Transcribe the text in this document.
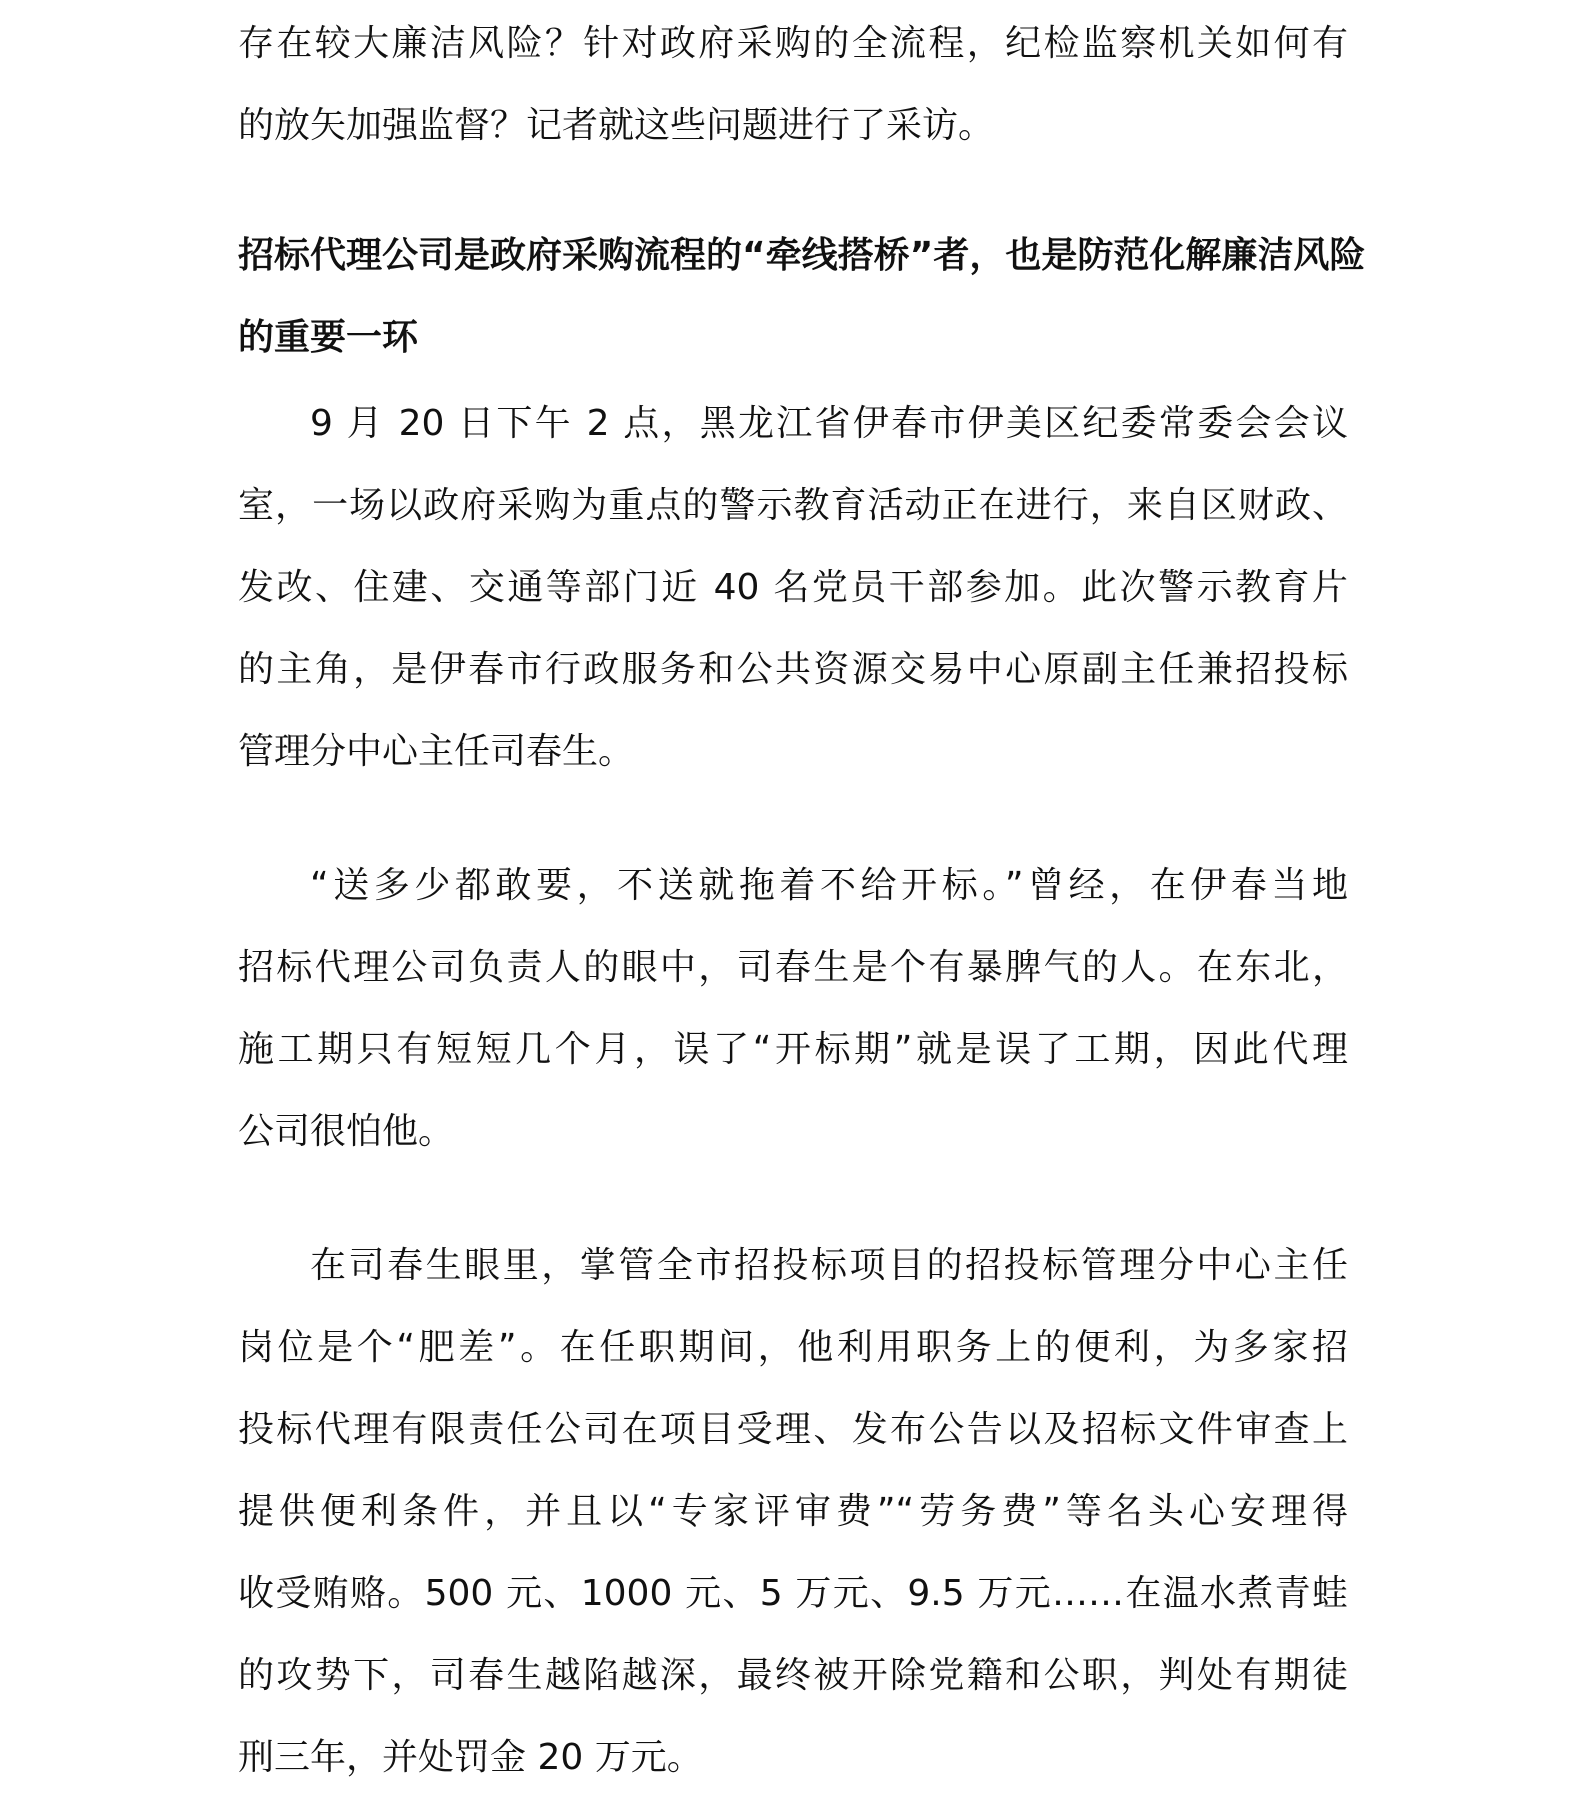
存在较大廉洁风险？针对政府采购的全流程，纪检监察机关如何有
的放矢加强监督？记者就这些问题进行了采访。
招标代理公司是政府采购流程的“牵线搭桥”者，也是防范化解廉洁风险
的重要一环
9 月 20 日下午 2 点，黑龙江省伊春市伊美区纪委常委会会议
室，一场以政府采购为重点的警示教育活动正在进行，来自区财政、
发改、住建、交通等部门近 40 名党员干部参加。此次警示教育片
的主角，是伊春市行政服务和公共资源交易中心原副主任兼招投标
管理分中心主任司春生。
“送多少都敢要，不送就拖着不给开标。”曾经，在伊春当地
招标代理公司负责人的眼中，司春生是个有暴脾气的人。在东北，
施工期只有短短几个月，误了“开标期”就是误了工期，因此代理
公司很怕他。
在司春生眼里，掌管全市招投标项目的招投标管理分中心主任
岗位是个“肥差”。在任职期间，他利用职务上的便利，为多家招
投标代理有限责任公司在项目受理、发布公告以及招标文件审查上
提供便利条件，并且以“专家评审费”“劳务费”等名头心安理得
收受贿赂。500 元、1000 元、5 万元、9.5 万元……在温水煮青蛙
的攻势下，司春生越陷越深，最终被开除党籍和公职，判处有期徒
刑三年，并处罚金 20 万元。
